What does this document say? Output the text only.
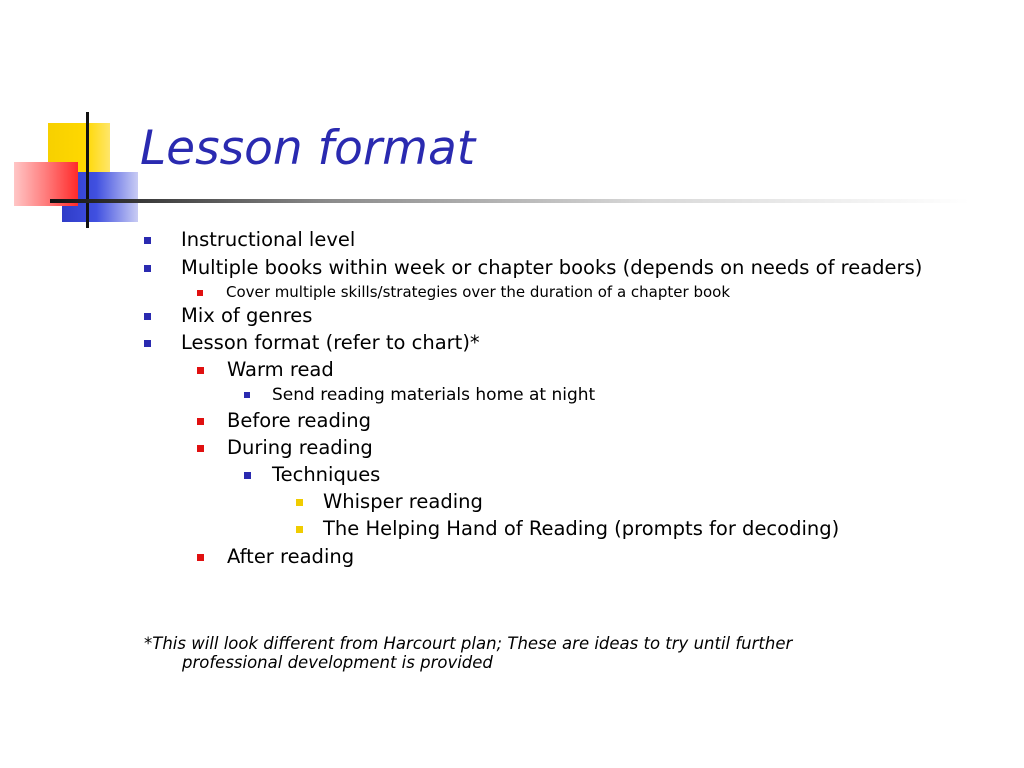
Lesson format
Instructional level
Multiple books within week or chapter books (depends on needs of readers)
Cover multiple skills/strategies over the duration of a chapter book
Mix of genres
Lesson format (refer to chart)*
Warm read
Send reading materials home at night
Before reading
During reading
Techniques
Whisper reading
The Helping Hand of Reading (prompts for decoding)
After reading
*This will look different from Harcourt plan; These are ideas to try until further
professional development is provided
